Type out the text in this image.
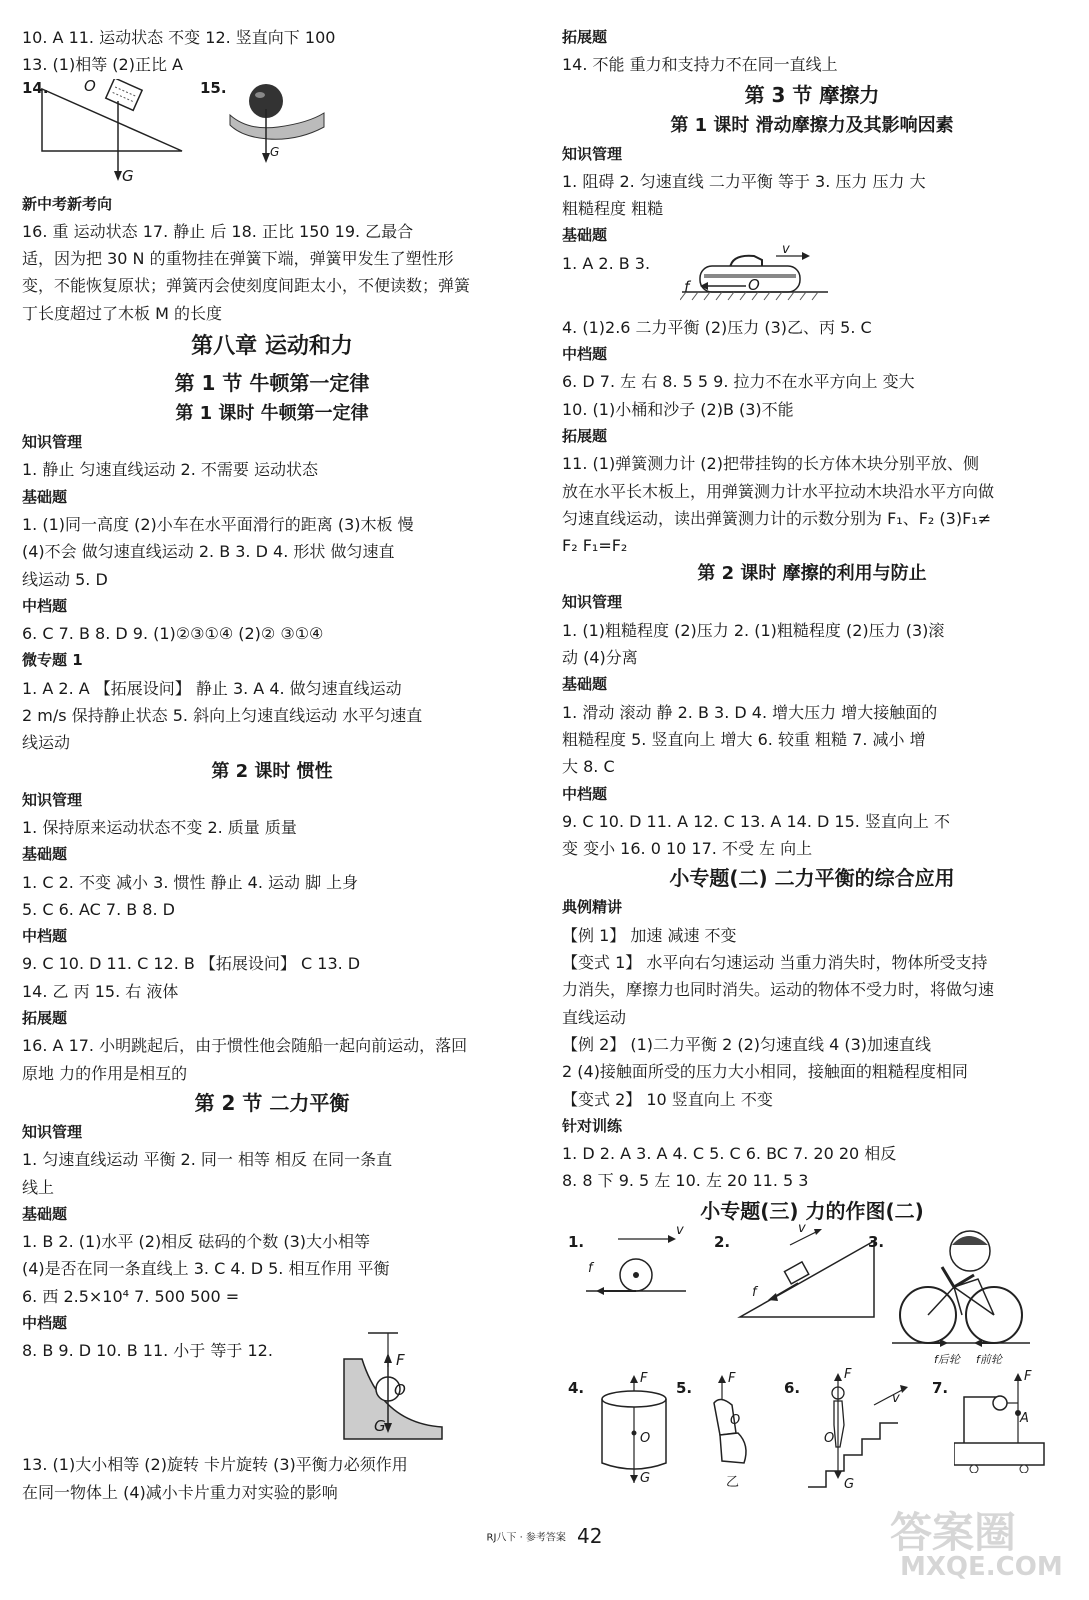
10. A 11. 运动状态 不变 12. 竖直向下 100
13. (1)相等 (2)正比 A
14. O
G
15.
G
新中考新考向
16. 重 运动状态 17. 静止 后 18. 正比 150 19. 乙最合
适，因为把 30 N 的重物挂在弹簧下端，弹簧甲发生了塑性形
变，不能恢复原状；弹簧丙会使刻度间距太小，不便读数；弹簧
丁长度超过了木板 M 的长度
第八章 运动和力
第 1 节 牛顿第一定律
第 1 课时 牛顿第一定律
知识管理
1. 静止 匀速直线运动 2. 不需要 运动状态
基础题
1. (1)同一高度 (2)小车在水平面滑行的距离 (3)木板 慢
(4)不会 做匀速直线运动 2. B 3. D 4. 形状 做匀速直
线运动 5. D
中档题
6. C 7. B 8. D 9. (1)②③①④ (2)② ③①④
微专题 1
1. A 2. A 【拓展设问】 静止 3. A 4. 做匀速直线运动
2 m/s 保持静止状态 5. 斜向上匀速直线运动 水平匀速直
线运动
第 2 课时 惯性
知识管理
1. 保持原来运动状态不变 2. 质量 质量
基础题
1. C 2. 不变 减小 3. 惯性 静止 4. 运动 脚 上身
5. C 6. AC 7. B 8. D
中档题
9. C 10. D 11. C 12. B 【拓展设问】 C 13. D
14. 乙 丙 15. 右 液体
拓展题
16. A 17. 小明跳起后，由于惯性他会随船一起向前运动，落回
原地 力的作用是相互的
第 2 节 二力平衡
知识管理
1. 匀速直线运动 平衡 2. 同一 相等 相反 在同一条直
线上
基础题
1. B 2. (1)水平 (2)相反 砝码的个数 (3)大小相等
(4)是否在同一条直线上 3. C 4. D 5. 相互作用 平衡
6. 西 2.5×10⁴ 7. 500 500 =
中档题
8. B 9. D 10. B 11. 小于 等于 12.	F
O
G
13. (1)大小相等 (2)旋转 卡片旋转 (3)平衡力必须作用
在同一物体上 (4)减小卡片重力对实验的影响
拓展题
14. 不能 重力和支持力不在同一直线上
第 3 节 摩擦力
第 1 课时 滑动摩擦力及其影响因素
知识管理
1. 阻碍 2. 匀速直线 二力平衡 等于 3. 压力 压力 大
粗糙程度 粗糙
基础题
1. A 2. B 3.
v
f	O
4. (1)2.6 二力平衡 (2)压力 (3)乙、丙 5. C
中档题
6. D 7. 左 右 8. 5 5 9. 拉力不在水平方向上 变大
10. (1)小桶和沙子 (2)B (3)不能
拓展题
11. (1)弹簧测力计 (2)把带挂钩的长方体木块分别平放、侧
放在水平长木板上，用弹簧测力计水平拉动木块沿水平方向做
匀速直线运动，读出弹簧测力计的示数分别为 F₁、F₂ (3)F₁≠
F₂ F₁=F₂
第 2 课时 摩擦的利用与防止
知识管理
1. (1)粗糙程度 (2)压力 2. (1)粗糙程度 (2)压力 (3)滚
动 (4)分离
基础题
1. 滑动 滚动 静 2. B 3. D 4. 增大压力 增大接触面的
粗糙程度 5. 竖直向上 增大 6. 较重 粗糙 7. 减小 增
大 8. C
中档题
9. C 10. D 11. A 12. C 13. A 14. D 15. 竖直向上 不
变 变小 16. 0 10 17. 不受 左 向上
小专题(二) 二力平衡的综合应用
典例精讲
【例 1】 加速 减速 不变
【变式 1】 水平向右匀速运动 当重力消失时，物体所受支持
力消失，摩擦力也同时消失。运动的物体不受力时，将做匀速
直线运动
【例 2】 (1)二力平衡 2 (2)匀速直线 4 (3)加速直线
2 (4)接触面所受的压力大小相同，接触面的粗糙程度相同
【变式 2】 10 竖直向上 不变
针对训练
1. D 2. A 3. A 4. C 5. C 6. BC 7. 20 20 相反
8. 8 下 9. 5 左 10. 左 20 11. 5 3
小专题(三) 力的作图(二)
1.
v
f
2.
v
f
3.
f后轮 f前轮
4.
F
O
G
5.
F
O
乙
6.
F
v
O
G
7.
F
A
RJ八下 · 参考答案 42	答案圈
MXQE.COM
